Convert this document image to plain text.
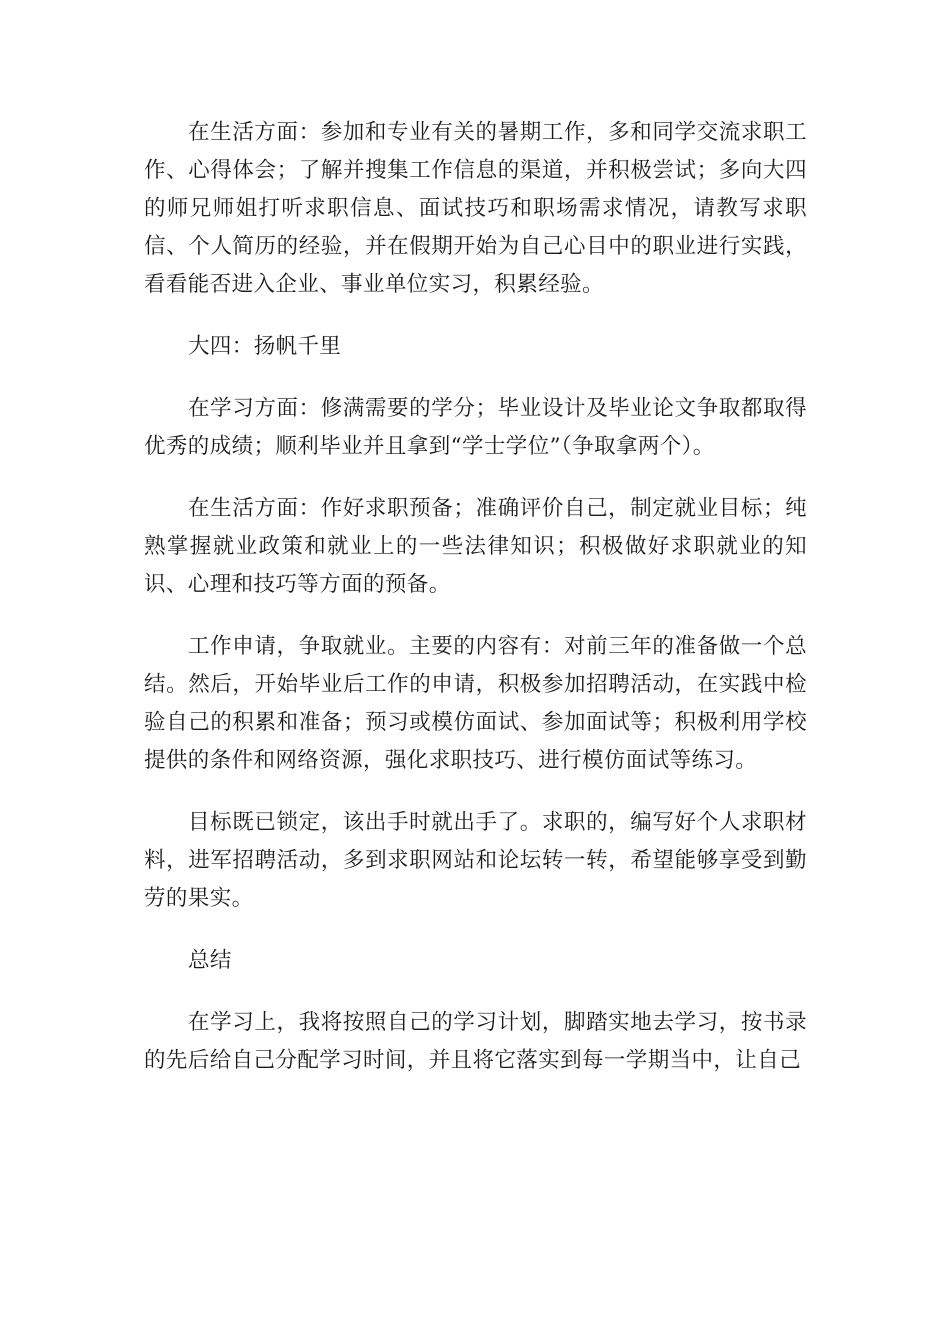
在生活方面：参加和专业有关的暑期工作，多和同学交流求职工作、心得体会；了解并搜集工作信息的渠道，并积极尝试；多向大四的师兄师姐打听求职信息、面试技巧和职场需求情况，请教写求职信、个人简历的经验，并在假期开始为自己心目中的职业进行实践，看看能否进入企业、事业单位实习，积累经验。

大四：扬帆千里

在学习方面：修满需要的学分；毕业设计及毕业论文争取都取得优秀的成绩；顺利毕业并且拿到“学士学位”（争取拿两个）。

在生活方面：作好求职预备；准确评价自己，制定就业目标；纯熟掌握就业政策和就业上的一些法律知识；积极做好求职就业的知识、心理和技巧等方面的预备。

工作申请，争取就业。主要的内容有：对前三年的准备做一个总结。然后，开始毕业后工作的申请，积极参加招聘活动，在实践中检验自己的积累和准备；预习或模仿面试、参加面试等；积极利用学校提供的条件和网络资源，强化求职技巧、进行模仿面试等练习。

目标既已锁定，该出手时就出手了。求职的，编写好个人求职材料，进军招聘活动，多到求职网站和论坛转一转，希望能够享受到勤劳的果实。

总结

在学习上，我将按照自己的学习计划，脚踏实地去学习，按书录的先后给自己分配学习时间，并且将它落实到每一学期当中，让自己
